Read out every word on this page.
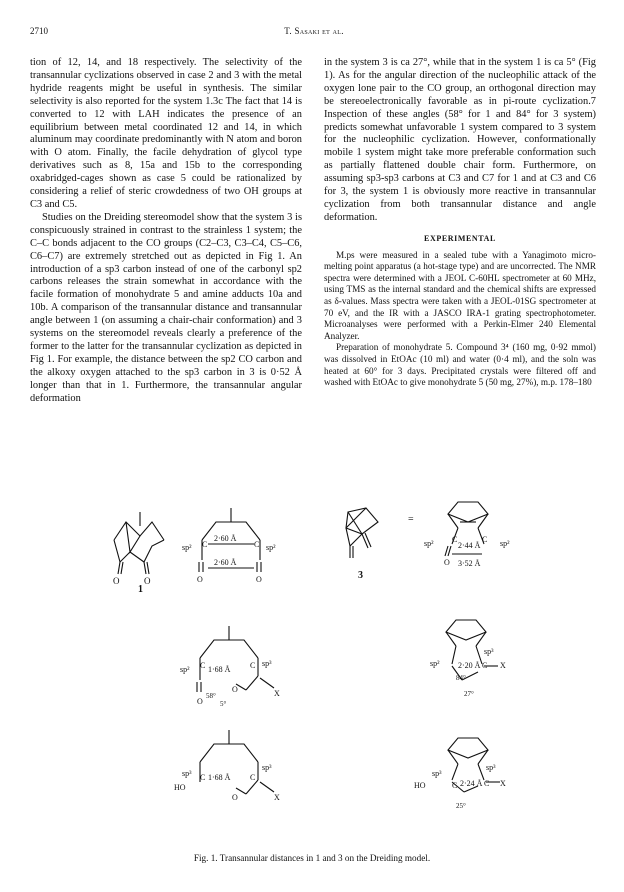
2710	T. Sasaki et al.

tion of 12, 14, and 18 respectively. The selectivity of the transannular cyclizations observed in case 2 and 3 with the metal hydride reagents might be useful in synthesis. The similar selectivity is also reported for the system 1.3c The fact that 14 is converted to 12 with LAH indicates the presence of an equilibrium between metal coordinated 12 and 14, in which aluminum may coordinate predominantly with N atom and boron with O atom. Finally, the facile dehydration of glycol type derivatives such as 8, 15a and 15b to the corresponding oxabridged-cages shown as case 5 could be rationalized by considering a relief of steric crowdedness of two OH groups at C3 and C5.

Studies on the Dreiding stereomodel show that the system 3 is conspicuously strained in contrast to the strainless 1 system; the C–C bonds adjacent to the CO groups (C2–C3, C3–C4, C5–C6, C6–C7) are extremely stretched out as depicted in Fig 1. An introduction of a sp3 carbon instead of one of the carbonyl sp2 carbons releases the strain somewhat in accordance with the facile formation of monohydrate 5 and amine adducts 10a and 10b. A comparison of the transannular distance and transannular angle between 1 (on assuming a chair-chair conformation) and 3 systems on the stereomodel reveals clearly a preference of the former to the latter for the transannular cyclization as depicted in Fig 1. For example, the distance between the sp2 CO carbon and the alkoxy oxygen attached to the sp3 carbon in 3 is 0·52 Å longer than that in 1. Furthermore, the transannular angular deformation

in the system 3 is ca 27°, while that in the system 1 is ca 5° (Fig 1). As for the angular direction of the nucleophilic attack of the oxygen lone pair to the CO group, an orthogonal direction may be stereoelectronically favorable as in pi-route cyclization.7 Inspection of these angles (58° for 1 and 84° for 3 system) predicts somewhat unfavorable 1 system compared to 3 system for the nucleophilic cyclization. However, conformationally mobile 1 system might take more preferable conformation such as partially flattened double chair form. Furthermore, on assuming sp3-sp3 carbons at C3 and C7 for 1 and at C3 and C6 for 3, the system 1 is obviously more reactive in transannular cyclization from both transannular distance and angle deformation.

EXPERIMENTAL

M.ps were measured in a sealed tube with a Yanagimoto micro-melting point apparatus (a hot-stage type) and are uncorrected. The NMR spectra were determined with a JEOL C-60HL spectrometer at 60 MHz, using TMS as the internal standard and the chemical shifts are expressed as δ-values. Mass spectra were taken with a JEOL-01SG spectrometer at 70 eV, and the IR with a JASCO IRA-1 grating spectrophotometer. Microanalyses were performed with a Perkin-Elmer 240 Elemental Analyzer.

Preparation of monohydrate 5. Compound 3⁴ (160 mg, 0·92 mmol) was dissolved in EtOAc (10 ml) and water (0·4 ml), and the soln was heated at 60° for 3 days. Precipitated crystals were filtered off and washed with EtOAc to give monohydrate 5 (50 mg, 27%), m.p. 178–180

1
O	O
sp² C
2·60 Å
2·60 Å
C sp²
O	O	3
=
sp² C
2·44 Å
C sp²
O 3·52 Å
sp² C 1·68 Å C sp³
O
58°
5°
O	X
sp²
sp³
2·20 Å C X
84°
27°
sp³ C 1·68 Å C
sp³
HO
O	X
sp³
sp³
HO	C 2·24 Å C X
25°
Fig. 1. Transannular distances in 1 and 3 on the Dreiding model.
